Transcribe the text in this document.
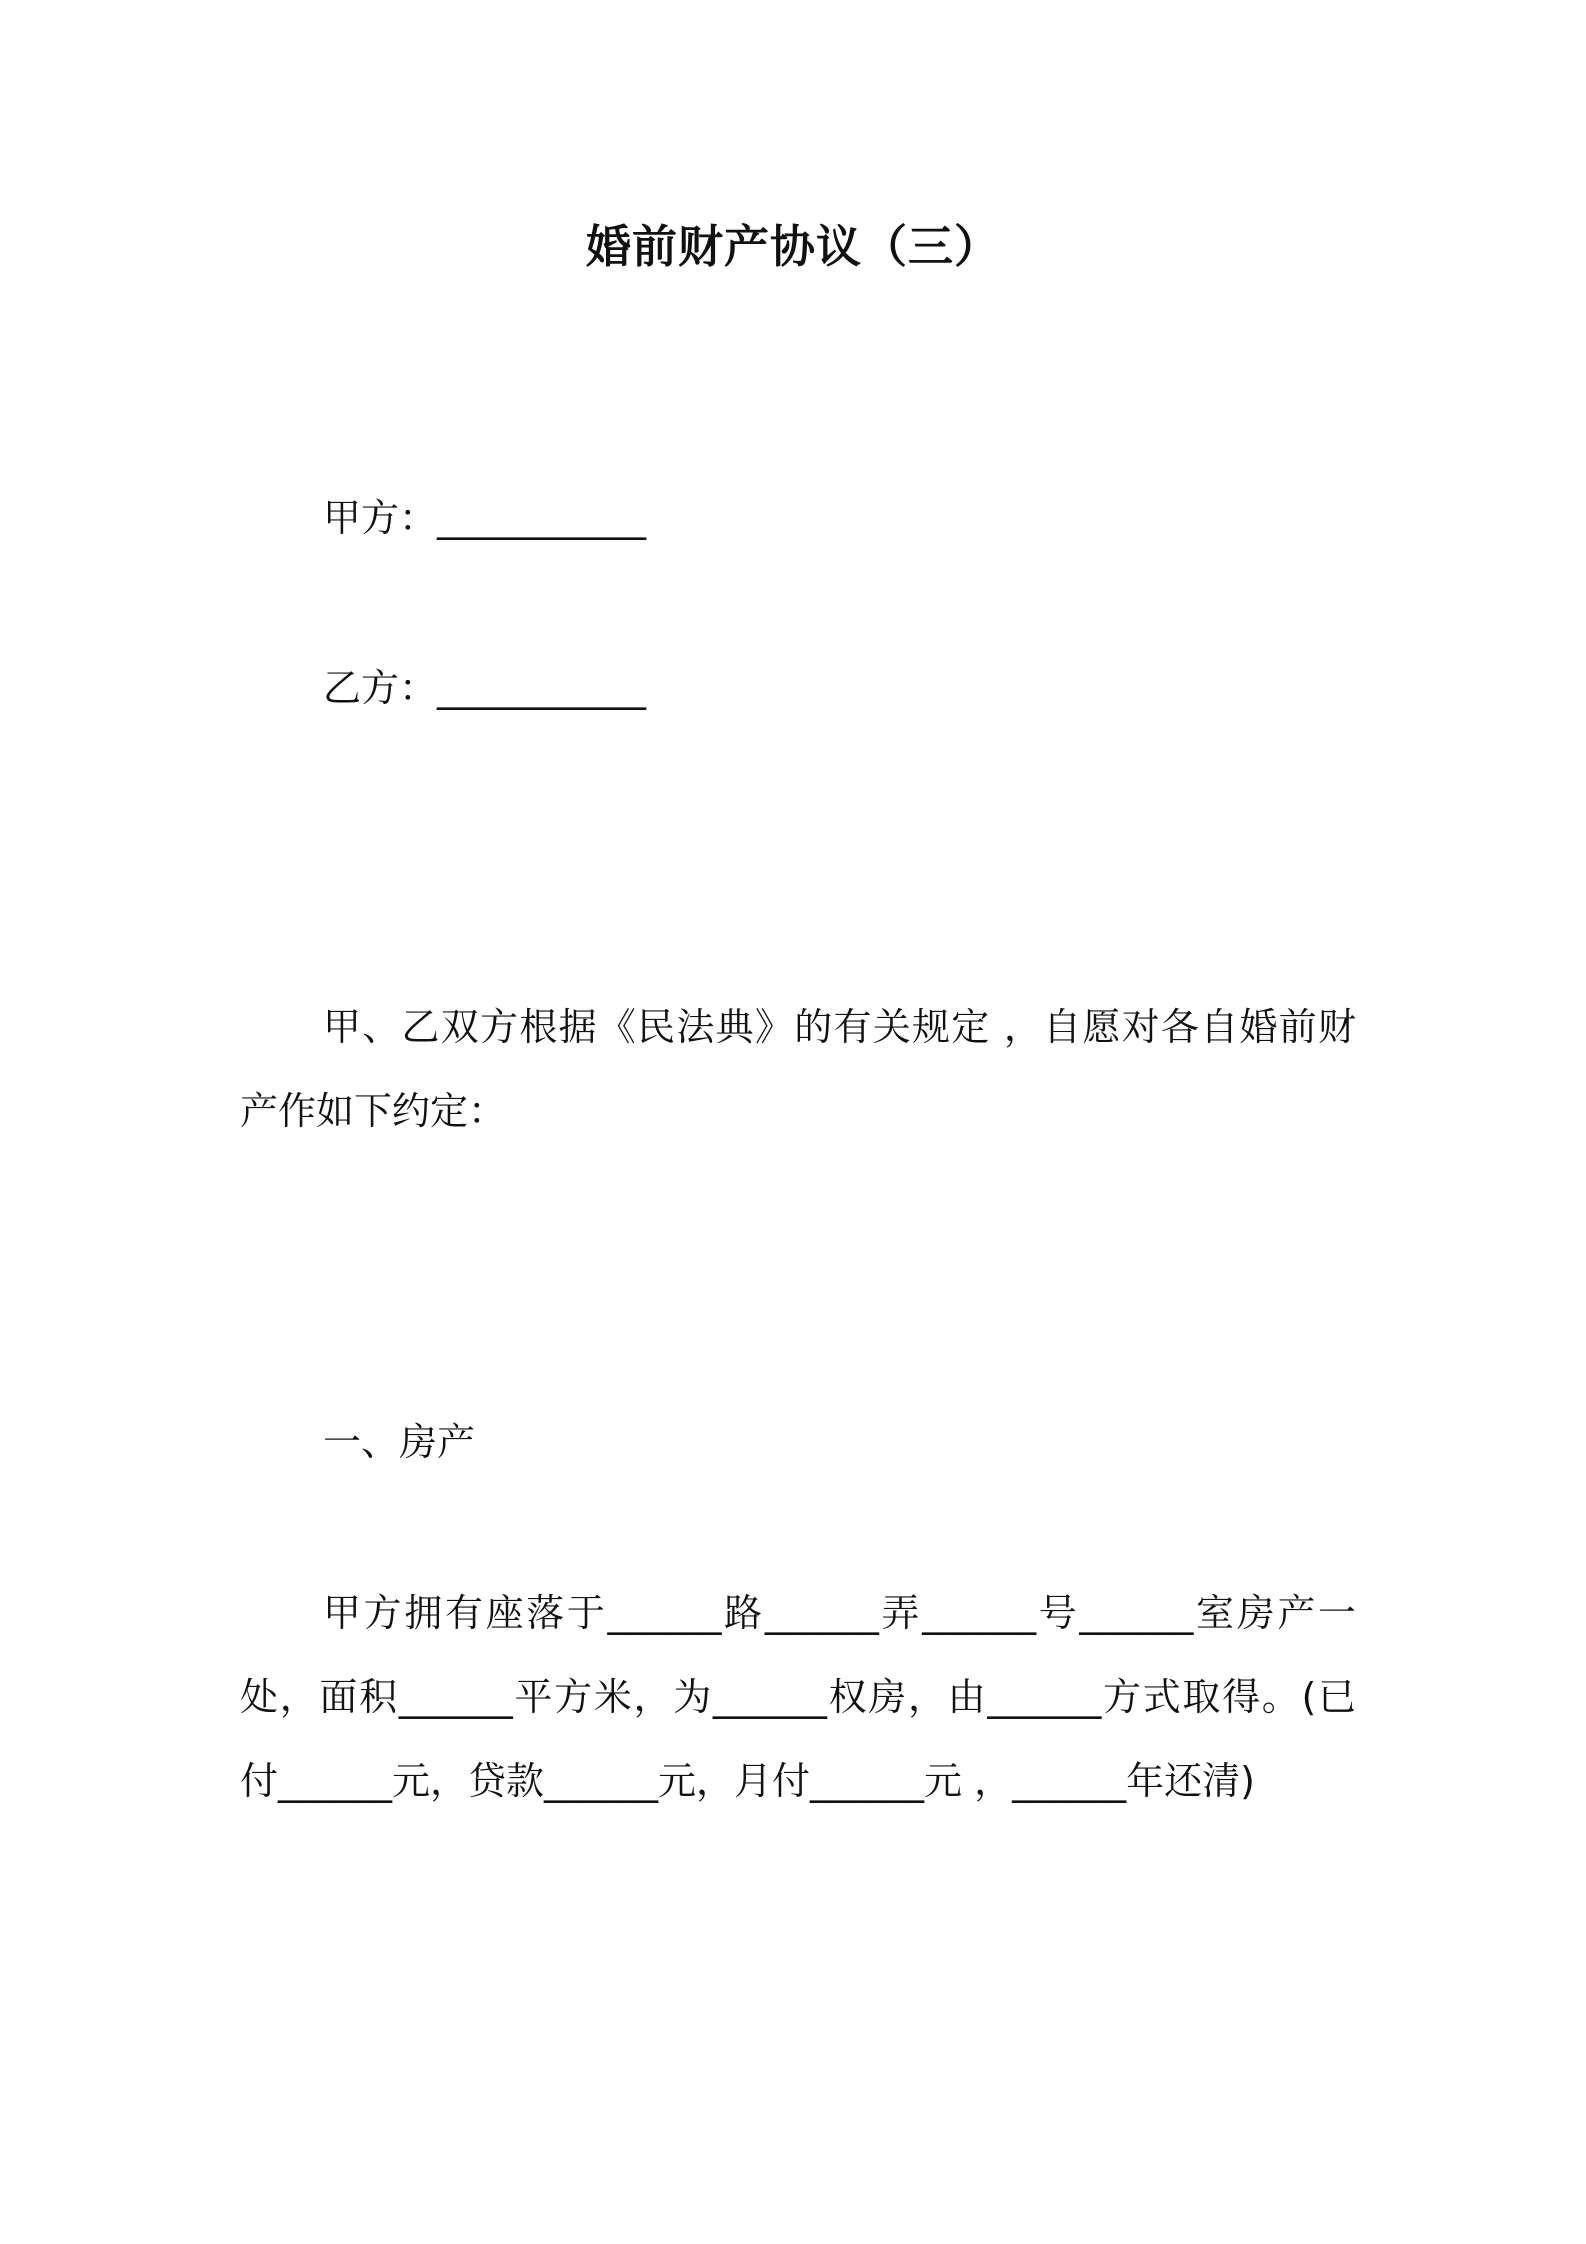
婚前财产协议（三）

甲方：___________

乙方：___________

甲、乙双方根据《民法典》的有关规定 ，自愿对各自婚前财产作如下约定：

一、房产

甲方拥有座落于______路______弄______号______室房产一处，面积______平方米，为______权房，由______方式取得。(已付______元，贷款______元，月付______元 ，______年还清)
